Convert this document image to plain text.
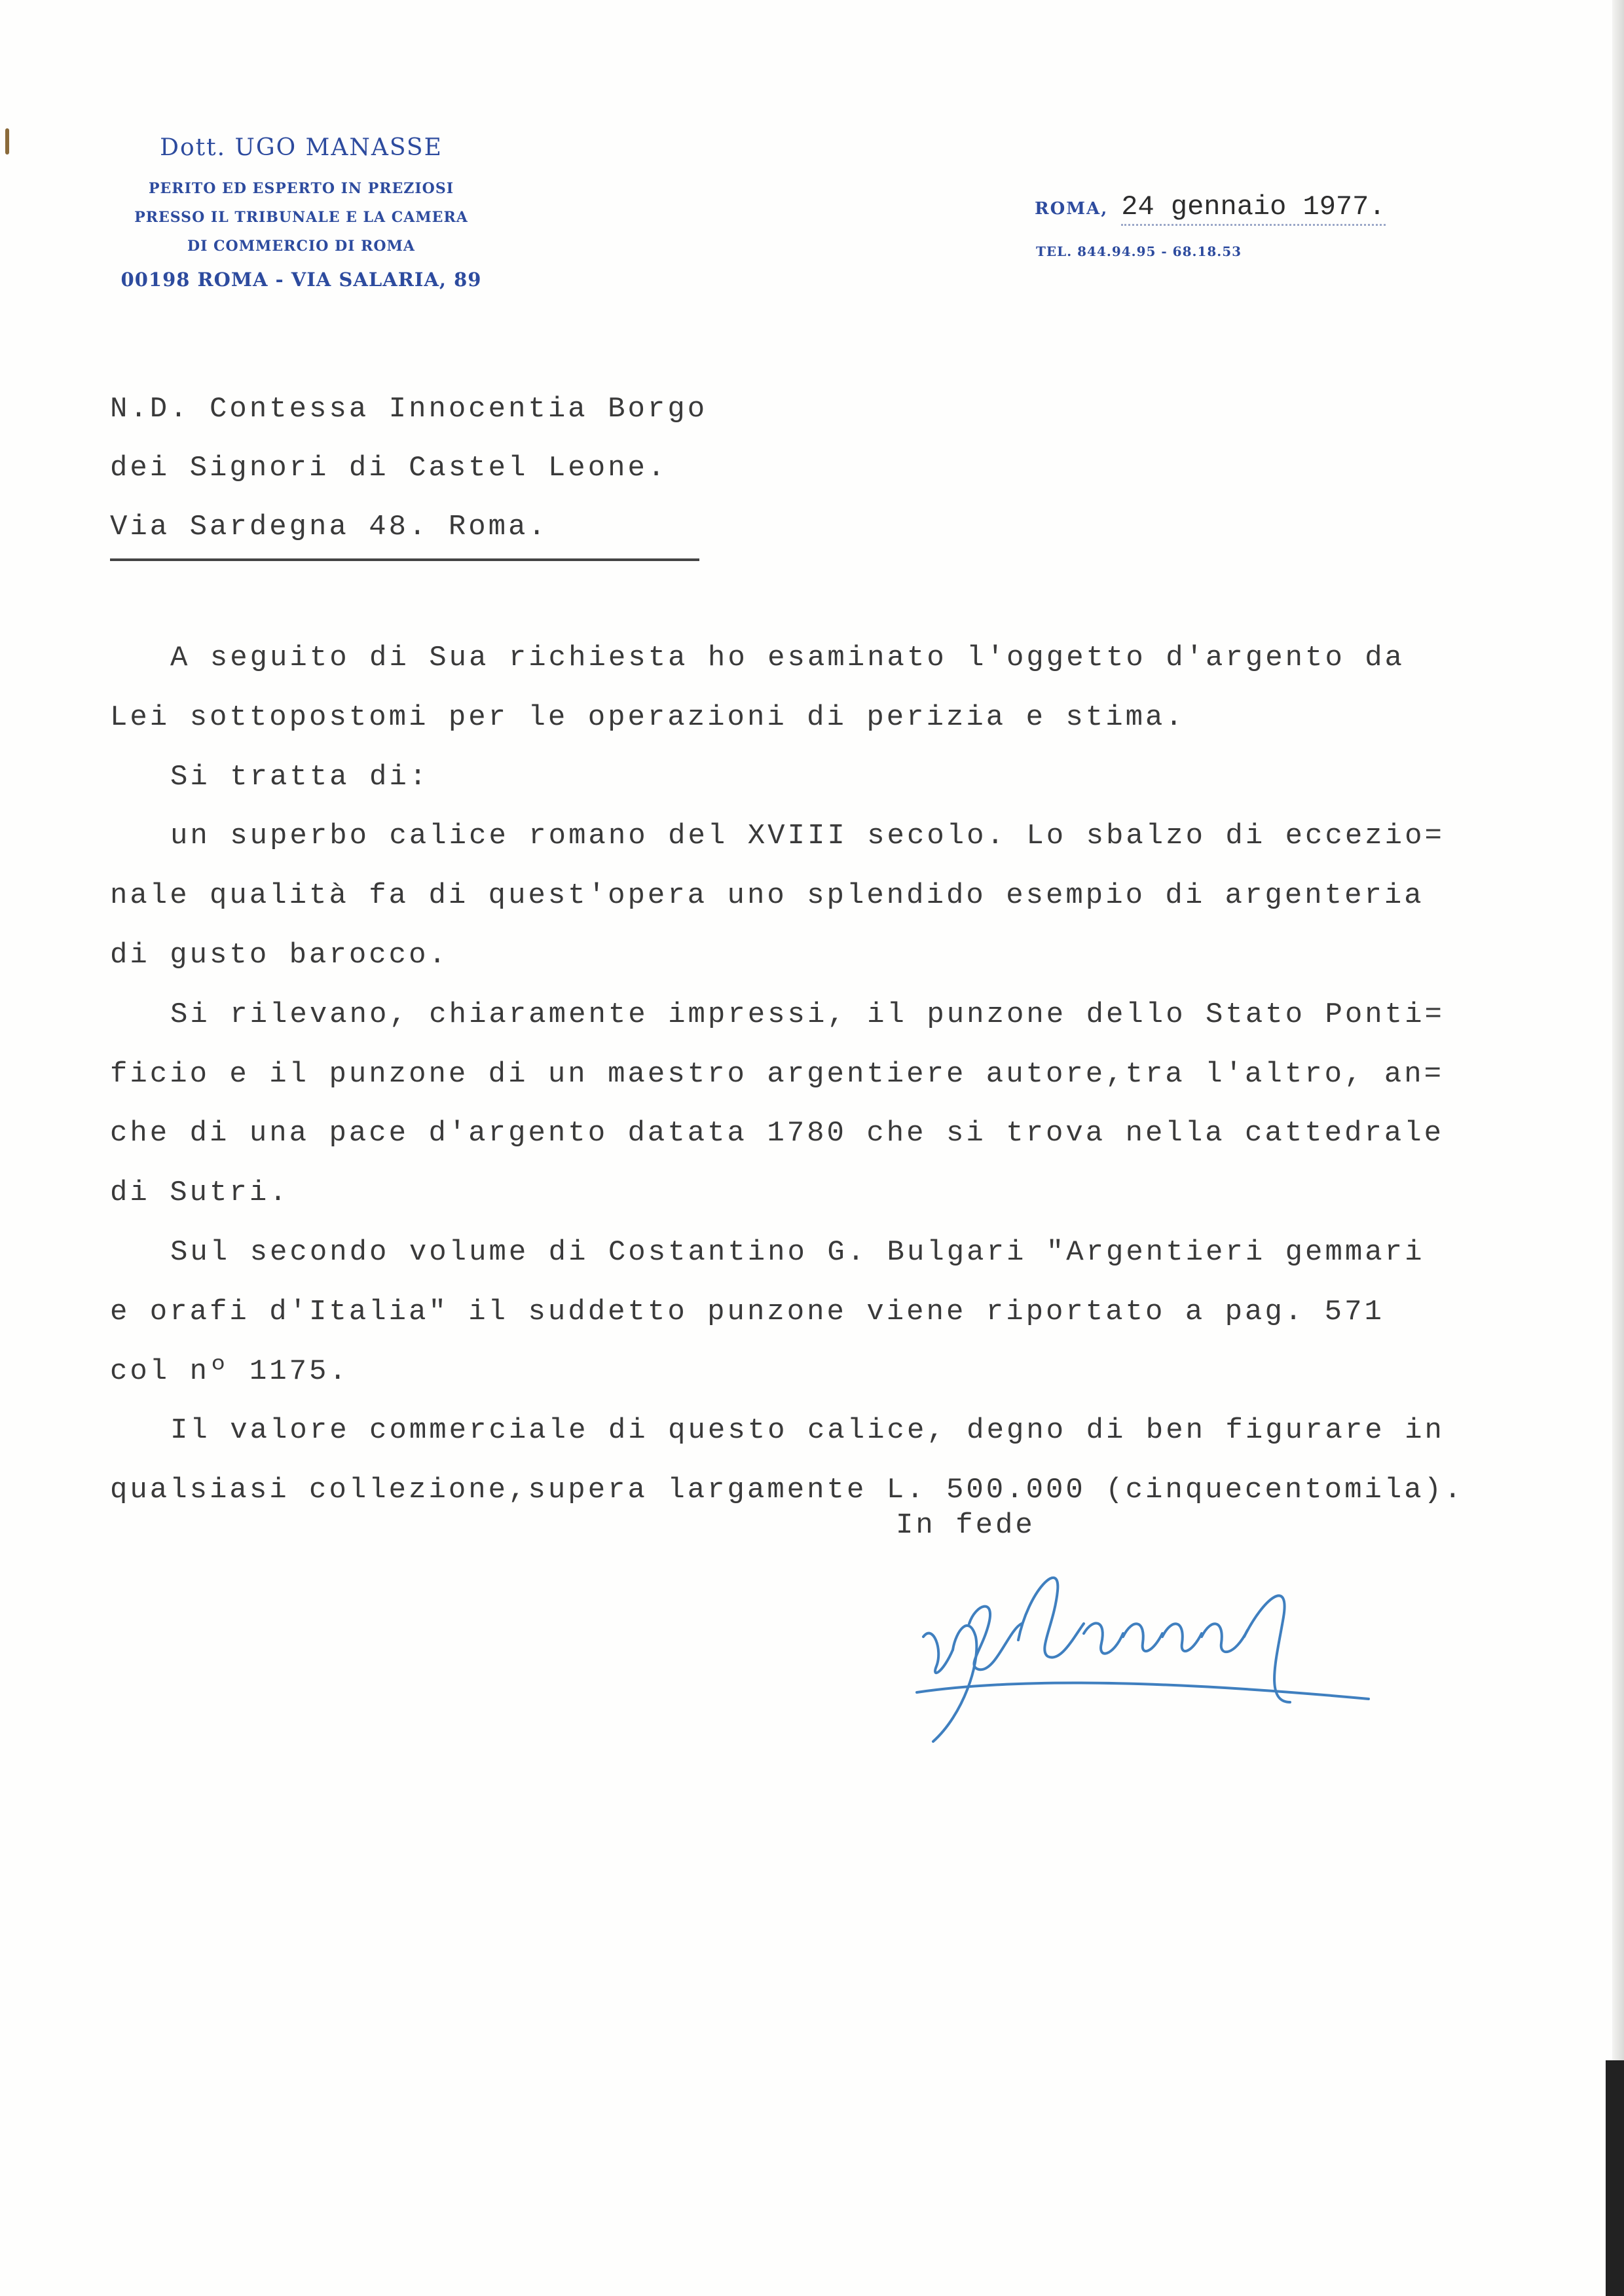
Dott. UGO MANASSE
PERITO ED ESPERTO IN PREZIOSI
PRESSO IL TRIBUNALE E LA CAMERA
DI COMMERCIO DI ROMA
00198 ROMA - VIA SALARIA, 89
ROMA, 24 gennaio 1977.
TEL. 844.94.95 - 68.18.53
N.D. Contessa Innocentia Borgo
dei Signori di Castel Leone.
Via Sardegna 48. Roma.
A seguito di Sua richiesta ho esaminato l'oggetto d'argento da
Lei sottopostomi per le operazioni di perizia e stima.
Si tratta di:
un superbo calice romano del XVIII secolo. Lo sbalzo di eccezio=
nale qualità fa di quest'opera uno splendido esempio di argenteria
di gusto barocco.
Si rilevano, chiaramente impressi, il punzone dello Stato Ponti=
ficio e il punzone di un maestro argentiere autore,tra l'altro, an=
che di una pace d'argento datata 1780 che si trova nella cattedrale
di Sutri.
Sul secondo volume di Costantino G. Bulgari "Argentieri gemmari
e orafi d'Italia" il suddetto punzone viene riportato a pag. 571
col nº 1175.
Il valore commerciale di questo calice, degno di ben figurare in
qualsiasi collezione,supera largamente L. 500.000 (cinquecentomila).
In fede
